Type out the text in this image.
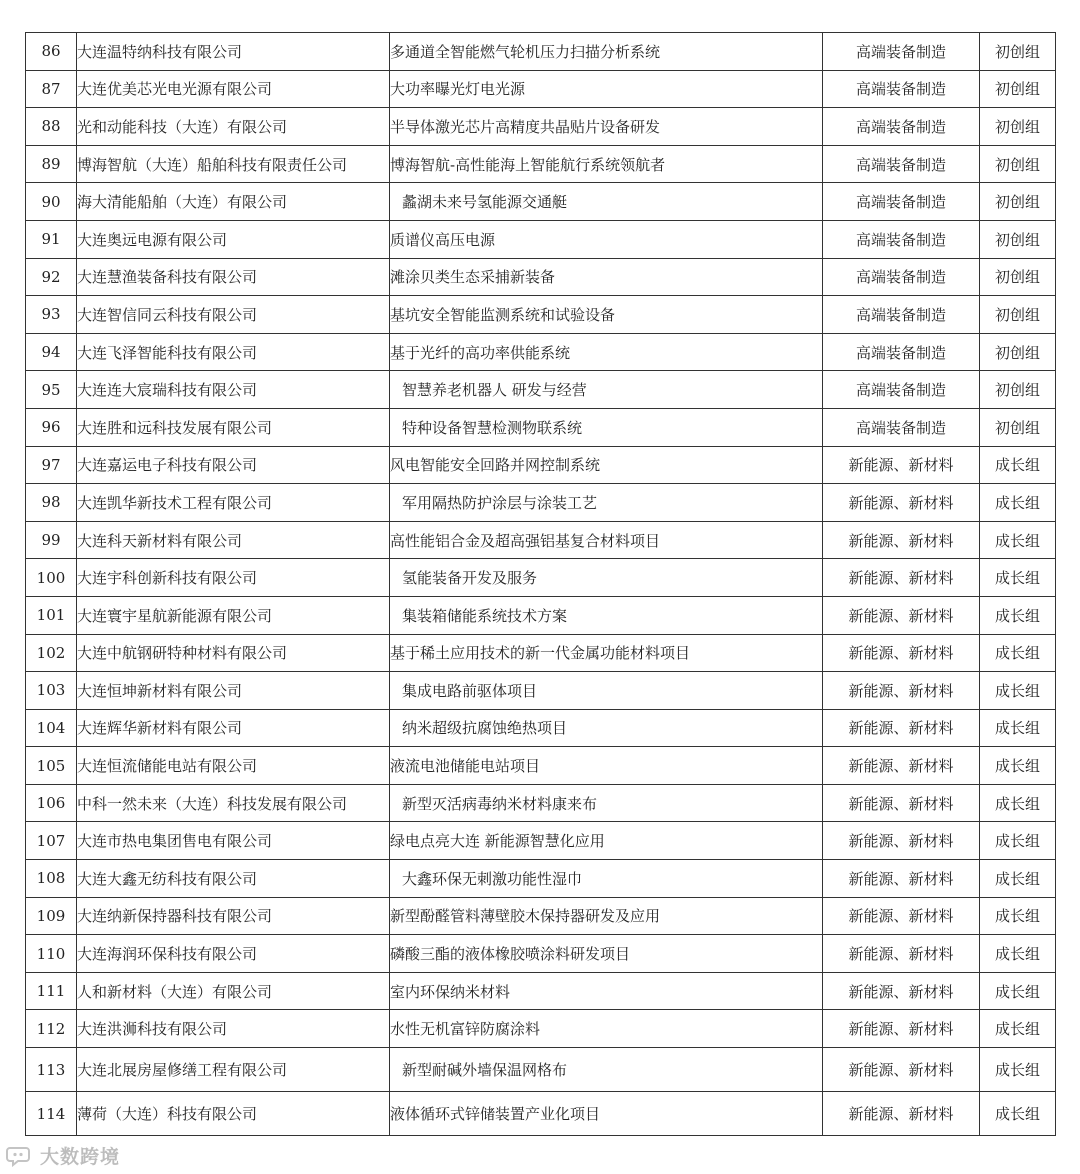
86	大连温特纳科技有限公司	多通道全智能燃气轮机压力扫描分析系统	高端装备制造	初创组
87	大连优美芯光电光源有限公司	大功率曝光灯电光源	高端装备制造	初创组
88	光和动能科技（大连）有限公司	半导体激光芯片高精度共晶贴片设备研发	高端装备制造	初创组
89	博海智航（大连）船舶科技有限责任公司	博海智航-高性能海上智能航行系统领航者	高端装备制造	初创组
90	海大清能船舶（大连）有限公司	蠡湖未来号氢能源交通艇	高端装备制造	初创组
91	大连奥远电源有限公司	质谱仪高压电源	高端装备制造	初创组
92	大连慧渔装备科技有限公司	滩涂贝类生态采捕新装备	高端装备制造	初创组
93	大连智信同云科技有限公司	基坑安全智能监测系统和试验设备	高端装备制造	初创组
94	大连飞泽智能科技有限公司	基于光纤的高功率供能系统	高端装备制造	初创组
95	大连连大宸瑞科技有限公司	智慧养老机器人 研发与经营	高端装备制造	初创组
96	大连胜和远科技发展有限公司	特种设备智慧检测物联系统	高端装备制造	初创组
97	大连嘉运电子科技有限公司	风电智能安全回路并网控制系统	新能源、新材料	成长组
98	大连凯华新技术工程有限公司	军用隔热防护涂层与涂装工艺	新能源、新材料	成长组
99	大连科天新材料有限公司	高性能铝合金及超高强铝基复合材料项目	新能源、新材料	成长组
100	大连宇科创新科技有限公司	氢能装备开发及服务	新能源、新材料	成长组
101	大连寰宇星航新能源有限公司	集装箱储能系统技术方案	新能源、新材料	成长组
102	大连中航钢研特种材料有限公司	基于稀土应用技术的新一代金属功能材料项目	新能源、新材料	成长组
103	大连恒坤新材料有限公司	集成电路前驱体项目	新能源、新材料	成长组
104	大连辉华新材料有限公司	纳米超级抗腐蚀绝热项目	新能源、新材料	成长组
105	大连恒流储能电站有限公司	液流电池储能电站项目	新能源、新材料	成长组
106	中科一然未来（大连）科技发展有限公司	新型灭活病毒纳米材料康来布	新能源、新材料	成长组
107	大连市热电集团售电有限公司	绿电点亮大连 新能源智慧化应用	新能源、新材料	成长组
108	大连大鑫无纺科技有限公司	大鑫环保无刺激功能性湿巾	新能源、新材料	成长组
109	大连纳新保持器科技有限公司	新型酚醛管料薄壁胶木保持器研发及应用	新能源、新材料	成长组
110	大连海润环保科技有限公司	磷酸三酯的液体橡胶喷涂料研发项目	新能源、新材料	成长组
111	人和新材料（大连）有限公司	室内环保纳米材料	新能源、新材料	成长组
112	大连洪浉科技有限公司	水性无机富锌防腐涂料	新能源、新材料	成长组
113	大连北展房屋修缮工程有限公司	新型耐碱外墙保温网格布	新能源、新材料	成长组
114	薄荷（大连）科技有限公司	液体循环式锌储装置产业化项目	新能源、新材料	成长组
大数跨境
